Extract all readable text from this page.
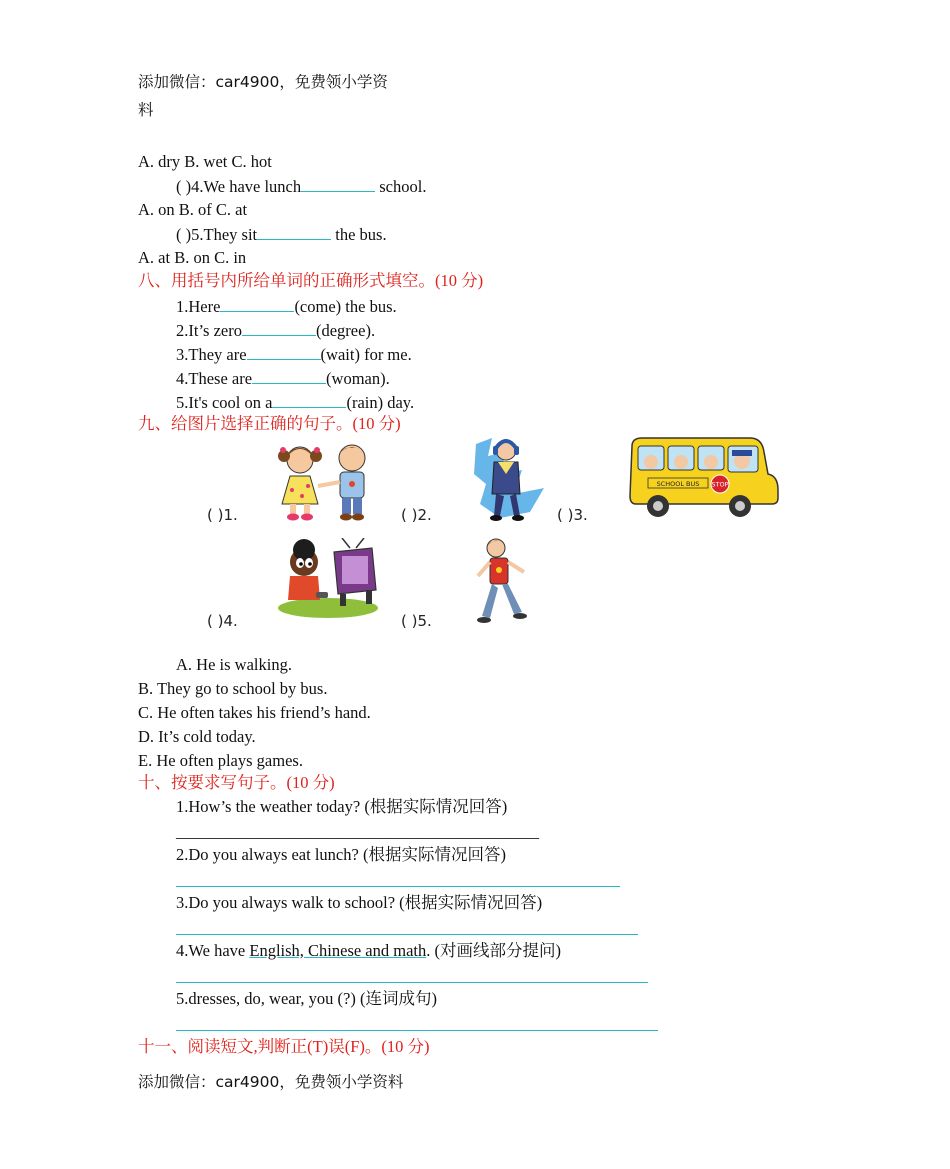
添加微信：car4900，免费领小学资
料
A. dry B. wet C. hot
( )4.We have lunch	school.
A. on B. of C. at
( )5.They sit	the bus.
A. at B. on C. in
八、用括号内所给单词的正确形式填空。(10 分)
1.Here	(come) the bus.
2.It’s zero	(degree).
3.They are	(wait) for me.
4.These are	(woman).
5.It's cool on a	(rain) day.
九、给图片选择正确的句子。(10 分)
( )1.	( )2.
SCHOOL BUS STOP
( )3.
( )4.	( )5.
A. He is walking.
B. They go to school by bus.
C. He often takes his friend’s hand.
D. It’s cold today.
E. He often plays games.
十、按要求写句子。(10 分)
1.How’s the weather today? (根据实际情况回答)
____________________________________________
2.Do you always eat lunch? (根据实际情况回答)
3.Do you always walk to school? (根据实际情况回答)
4.We have English, Chinese and math. (对画线部分提问)
5.dresses, do, wear, you (?) (连词成句)
十一、阅读短文,判断正(T)误(F)。(10 分)
添加微信：car4900，免费领小学资料
